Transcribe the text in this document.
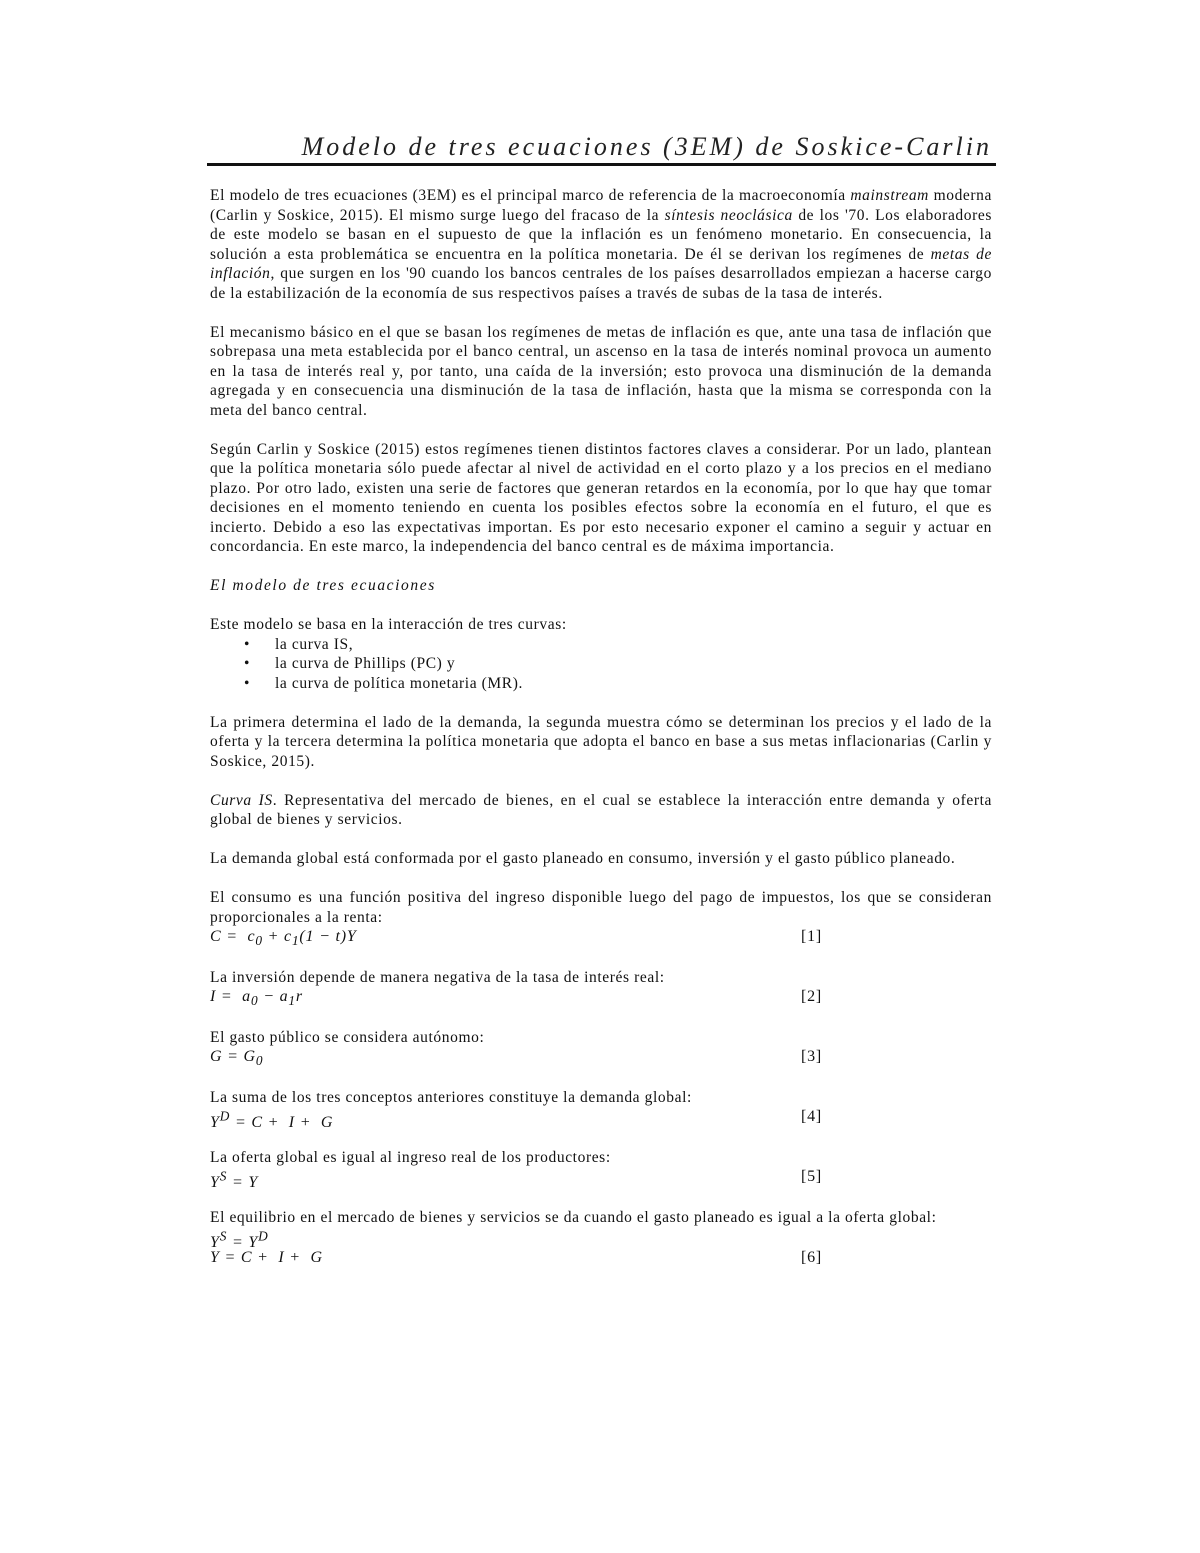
Modelo de tres ecuaciones (3EM) de Soskice-Carlin

El modelo de tres ecuaciones (3EM) es el principal marco de referencia de la macroeconomía mainstream moderna (Carlin y Soskice, 2015). El mismo surge luego del fracaso de la síntesis neoclásica de los '70. Los elaboradores de este modelo se basan en el supuesto de que la inflación es un fenómeno monetario. En consecuencia, la solución a esta problemática se encuentra en la política monetaria. De él se derivan los regímenes de metas de inflación, que surgen en los '90 cuando los bancos centrales de los países desarrollados empiezan a hacerse cargo de la estabilización de la economía de sus respectivos países a través de subas de la tasa de interés.

El mecanismo básico en el que se basan los regímenes de metas de inflación es que, ante una tasa de inflación que sobrepasa una meta establecida por el banco central, un ascenso en la tasa de interés nominal provoca un aumento en la tasa de interés real y, por tanto, una caída de la inversión; esto provoca una disminución de la demanda agregada y en consecuencia una disminución de la tasa de inflación, hasta que la misma se corresponda con la meta del banco central.

Según Carlin y Soskice (2015) estos regímenes tienen distintos factores claves a considerar. Por un lado, plantean que la política monetaria sólo puede afectar al nivel de actividad en el corto plazo y a los precios en el mediano plazo. Por otro lado, existen una serie de factores que generan retardos en la economía, por lo que hay que tomar decisiones en el momento teniendo en cuenta los posibles efectos sobre la economía en el futuro, el que es incierto. Debido a eso las expectativas importan. Es por esto necesario exponer el camino a seguir y actuar en concordancia. En este marco, la independencia del banco central es de máxima importancia.

El modelo de tres ecuaciones

Este modelo se basa en la interacción de tres curvas:

• la curva IS,
• la curva de Phillips (PC) y
• la curva de política monetaria (MR).

La primera determina el lado de la demanda, la segunda muestra cómo se determinan los precios y el lado de la oferta y la tercera determina la política monetaria que adopta el banco en base a sus metas inflacionarias (Carlin y Soskice, 2015).

Curva IS. Representativa del mercado de bienes, en el cual se establece la interacción entre demanda y oferta global de bienes y servicios.

La demanda global está conformada por el gasto planeado en consumo, inversión y el gasto público planeado.

El consumo es una función positiva del ingreso disponible luego del pago de impuestos, los que se consideran proporcionales a la renta:

$C = c_0 + c_1(1 - t)Y$	[1]

La inversión depende de manera negativa de la tasa de interés real:

$I = a_0 - a_1r$	[2]

El gasto público se considera autónomo:

$G = G_0$	[3]

La suma de los tres conceptos anteriores constituye la demanda global:

$Y^D = C + I + G$	[4]

La oferta global es igual al ingreso real de los productores:

$Y^S = Y$	[5]

El equilibrio en el mercado de bienes y servicios se da cuando el gasto planeado es igual a la oferta global:

$Y^S = Y^D$
Y = C +  I +  G	[6]
